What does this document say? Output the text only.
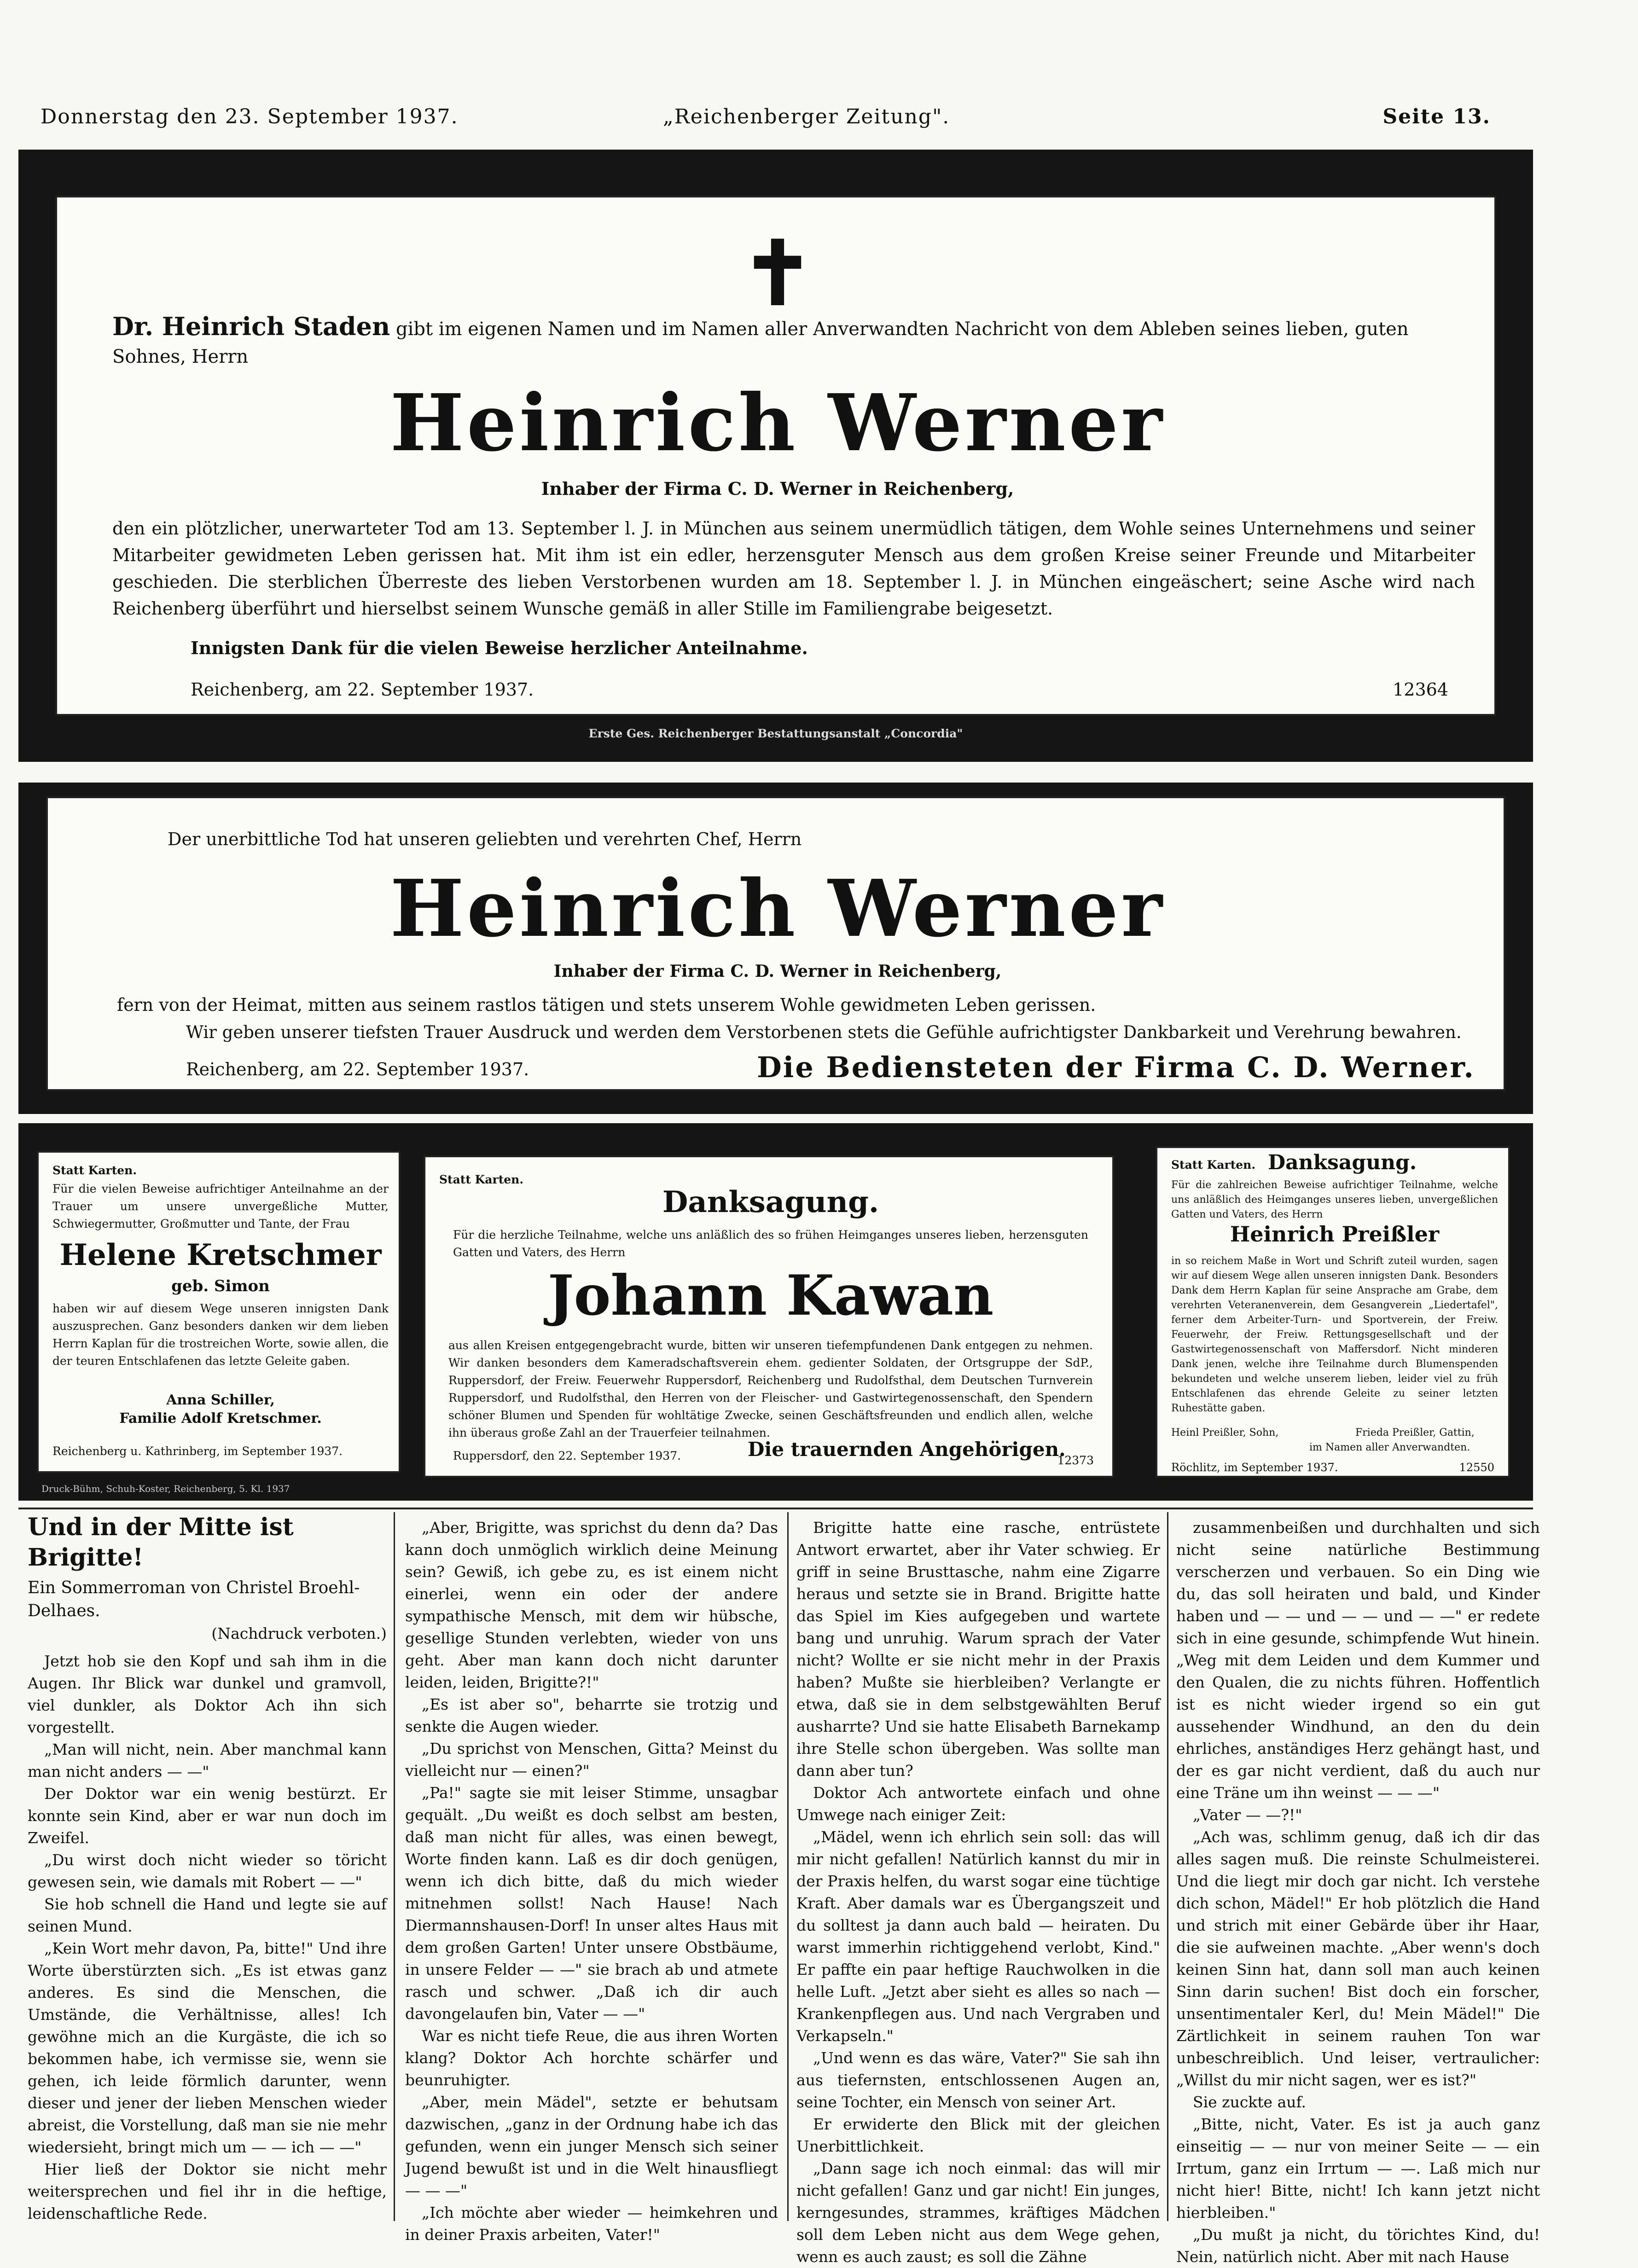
Donnerstag den 23. September 1937.	„Reichenberger Zeitung".	Seite 13.
✝
Dr. Heinrich Staden gibt im eigenen Namen und im Namen aller Anverwandten Nachricht von dem Ableben seines lieben, guten Sohnes, Herrn
Heinrich Werner
Inhaber der Firma C. D. Werner in Reichenberg,
den ein plötzlicher, unerwarteter Tod am 13. September l. J. in München aus seinem unermüdlich tätigen, dem Wohle seines Unternehmens und seiner Mitarbeiter gewidmeten Leben gerissen hat. Mit ihm ist ein edler, herzensguter Mensch aus dem großen Kreise seiner Freunde und Mitarbeiter geschieden. Die sterblichen Überreste des lieben Verstorbenen wurden am 18. September l. J. in München eingeäschert; seine Asche wird nach Reichenberg überführt und hierselbst seinem Wunsche gemäß in aller Stille im Familiengrabe beigesetzt.
Innigsten Dank für die vielen Beweise herzlicher Anteilnahme.
Reichenberg, am 22. September 1937.	12364
Erste Ges. Reichenberger Bestattungsanstalt „Concordia"
Der unerbittliche Tod hat unseren geliebten und verehrten Chef, Herrn
Heinrich Werner
Inhaber der Firma C. D. Werner in Reichenberg,
fern von der Heimat, mitten aus seinem rastlos tätigen und stets unserem Wohle gewidmeten Leben gerissen.
Wir geben unserer tiefsten Trauer Ausdruck und werden dem Verstorbenen stets die Gefühle aufrichtigster Dankbarkeit und Verehrung bewahren.
Reichenberg, am 22. September 1937.	Die Bediensteten der Firma C. D. Werner.
Statt Karten.
Für die vielen Beweise aufrichtiger Anteilnahme an der Trauer um unsere unvergeßliche Mutter, Schwiegermutter, Großmutter und Tante, der Frau
Helene Kretschmer
geb. Simon
haben wir auf diesem Wege unseren innigsten Dank auszusprechen. Ganz besonders danken wir dem lieben Herrn Kaplan für die trostreichen Worte, sowie allen, die der teuren Entschlafenen das letzte Geleite gaben.
Anna Schiller,
Familie Adolf Kretschmer.
Reichenberg u. Kathrinberg, im September 1937.
Druck-Bühm, Schuh-Koster, Reichenberg, 5. Kl. 1937
Statt Karten.
Danksagung.
Für die herzliche Teilnahme, welche uns anläßlich des so frühen Heimganges unseres lieben, herzensguten Gatten und Vaters, des Herrn
Johann Kawan
aus allen Kreisen entgegengebracht wurde, bitten wir unseren tiefempfundenen Dank entgegen zu nehmen. Wir danken besonders dem Kameradschaftsverein ehem. gedienter Soldaten, der Ortsgruppe der SdP., Ruppersdorf, der Freiw. Feuerwehr Ruppersdorf, Reichenberg und Rudolfsthal, dem Deutschen Turnverein Ruppersdorf, und Rudolfsthal, den Herren von der Fleischer- und Gastwirtegenossenschaft, den Spendern schöner Blumen und Spenden für wohltätige Zwecke, seinen Geschäftsfreunden und endlich allen, welche ihn überaus große Zahl an der Trauerfeier teilnahmen.
Ruppersdorf, den 22. September 1937.	Die trauernden Angehörigen.
12373
Statt Karten. Danksagung.
Für die zahlreichen Beweise aufrichtiger Teilnahme, welche uns anläßlich des Heimganges unseres lieben, unvergeßlichen Gatten und Vaters, des Herrn
Heinrich Preißler
in so reichem Maße in Wort und Schrift zuteil wurden, sagen wir auf diesem Wege allen unseren innigsten Dank. Besonders Dank dem Herrn Kaplan für seine Ansprache am Grabe, dem verehrten Veteranenverein, dem Gesangverein „Liedertafel", ferner dem Arbeiter-Turn- und Sportverein, der Freiw. Feuerwehr, der Freiw. Rettungsgesellschaft und der Gastwirtegenossenschaft von Maffersdorf. Nicht minderen Dank jenen, welche ihre Teilnahme durch Blumenspenden bekundeten und welche unserem lieben, leider viel zu früh Entschlafenen das ehrende Geleite zu seiner letzten Ruhestätte gaben.
Heinl Preißler, Sohn,	Frieda Preißler, Gattin,
im Namen aller Anverwandten.
Röchlitz, im September 1937.	12550
Und in der Mitte ist Brigitte!
Ein Sommerroman von Christel Broehl-Delhaes.
(Nachdruck verboten.)

Jetzt hob sie den Kopf und sah ihm in die Augen. Ihr Blick war dunkel und gramvoll, viel dunkler, als Doktor Ach ihn sich vorgestellt.

„Man will nicht, nein. Aber manchmal kann man nicht anders — —"

Der Doktor war ein wenig bestürzt. Er konnte sein Kind, aber er war nun doch im Zweifel.

„Du wirst doch nicht wieder so töricht gewesen sein, wie damals mit Robert — —"

Sie hob schnell die Hand und legte sie auf seinen Mund.

„Kein Wort mehr davon, Pa, bitte!" Und ihre Worte überstürzten sich. „Es ist etwas ganz anderes. Es sind die Menschen, die Umstände, die Verhältnisse, alles! Ich gewöhne mich an die Kurgäste, die ich so bekommen habe, ich vermisse sie, wenn sie gehen, ich leide förmlich darunter, wenn dieser und jener der lieben Menschen wieder abreist, die Vorstellung, daß man sie nie mehr wiedersieht, bringt mich um — — ich — —"

Hier ließ der Doktor sie nicht mehr weitersprechen und fiel ihr in die heftige, leidenschaftliche Rede.

„Aber, Brigitte, was sprichst du denn da? Das kann doch unmöglich wirklich deine Meinung sein? Gewiß, ich gebe zu, es ist einem nicht einerlei, wenn ein oder der andere sympathische Mensch, mit dem wir hübsche, gesellige Stunden verlebten, wieder von uns geht. Aber man kann doch nicht darunter leiden, leiden, Brigitte?!"

„Es ist aber so", beharrte sie trotzig und senkte die Augen wieder.

„Du sprichst von Menschen, Gitta? Meinst du vielleicht nur — einen?"

„Pa!" sagte sie mit leiser Stimme, unsagbar gequält. „Du weißt es doch selbst am besten, daß man nicht für alles, was einen bewegt, Worte finden kann. Laß es dir doch genügen, wenn ich dich bitte, daß du mich wieder mitnehmen sollst! Nach Hause! Nach Diermannshausen-Dorf! In unser altes Haus mit dem großen Garten! Unter unsere Obstbäume, in unsere Felder — —" sie brach ab und atmete rasch und schwer. „Daß ich dir auch davongelaufen bin, Vater — —"

War es nicht tiefe Reue, die aus ihren Worten klang? Doktor Ach horchte schärfer und beunruhigter.

„Aber, mein Mädel", setzte er behutsam dazwischen, „ganz in der Ordnung habe ich das gefunden, wenn ein junger Mensch sich seiner Jugend bewußt ist und in die Welt hinausfliegt — — —"

„Ich möchte aber wieder — heimkehren und in deiner Praxis arbeiten, Vater!"

Brigitte hatte eine rasche, entrüstete Antwort erwartet, aber ihr Vater schwieg. Er griff in seine Brusttasche, nahm eine Zigarre heraus und setzte sie in Brand. Brigitte hatte das Spiel im Kies aufgegeben und wartete bang und unruhig. Warum sprach der Vater nicht? Wollte er sie nicht mehr in der Praxis haben? Mußte sie hierbleiben? Verlangte er etwa, daß sie in dem selbstgewählten Beruf ausharrte? Und sie hatte Elisabeth Barnekamp ihre Stelle schon übergeben. Was sollte man dann aber tun?

Doktor Ach antwortete einfach und ohne Umwege nach einiger Zeit:

„Mädel, wenn ich ehrlich sein soll: das will mir nicht gefallen! Natürlich kannst du mir in der Praxis helfen, du warst sogar eine tüchtige Kraft. Aber damals war es Übergangszeit und du solltest ja dann auch bald — heiraten. Du warst immerhin richtiggehend verlobt, Kind." Er paffte ein paar heftige Rauchwolken in die helle Luft. „Jetzt aber sieht es alles so nach — Krankenpflegen aus. Und nach Vergraben und Verkapseln."

„Und wenn es das wäre, Vater?" Sie sah ihn aus tiefernsten, entschlossenen Augen an, seine Tochter, ein Mensch von seiner Art.

Er erwiderte den Blick mit der gleichen Unerbittlichkeit.

„Dann sage ich noch einmal: das will mir nicht gefallen! Ganz und gar nicht! Ein junges, kerngesundes, strammes, kräftiges Mädchen soll dem Leben nicht aus dem Wege gehen, wenn es auch zaust; es soll die Zähne

zusammenbeißen und durchhalten und sich nicht seine natürliche Bestimmung verscherzen und verbauen. So ein Ding wie du, das soll heiraten und bald, und Kinder haben und — — und — — und — —" er redete sich in eine gesunde, schimpfende Wut hinein. „Weg mit dem Leiden und dem Kummer und den Qualen, die zu nichts führen. Hoffentlich ist es nicht wieder irgend so ein gut aussehender Windhund, an den du dein ehrliches, anständiges Herz gehängt hast, und der es gar nicht verdient, daß du auch nur eine Träne um ihn weinst — — —"

„Vater — —?!"

„Ach was, schlimm genug, daß ich dir das alles sagen muß. Die reinste Schulmeisterei. Und die liegt mir doch gar nicht. Ich verstehe dich schon, Mädel!" Er hob plötzlich die Hand und strich mit einer Gebärde über ihr Haar, die sie aufweinen machte. „Aber wenn's doch keinen Sinn hat, dann soll man auch keinen Sinn darin suchen! Bist doch ein forscher, unsentimentaler Kerl, du! Mein Mädel!" Die Zärtlichkeit in seinem rauhen Ton war unbeschreiblich. Und leiser, vertraulicher: „Willst du mir nicht sagen, wer es ist?"

Sie zuckte auf.

„Bitte, nicht, Vater. Es ist ja auch ganz einseitig — — nur von meiner Seite — — ein Irrtum, ganz ein Irrtum — —. Laß mich nur nicht hier! Bitte, nicht! Ich kann jetzt nicht hierbleiben."

„Du mußt ja nicht, du törichtes Kind, du! Nein, natürlich nicht. Aber mit nach Hause
